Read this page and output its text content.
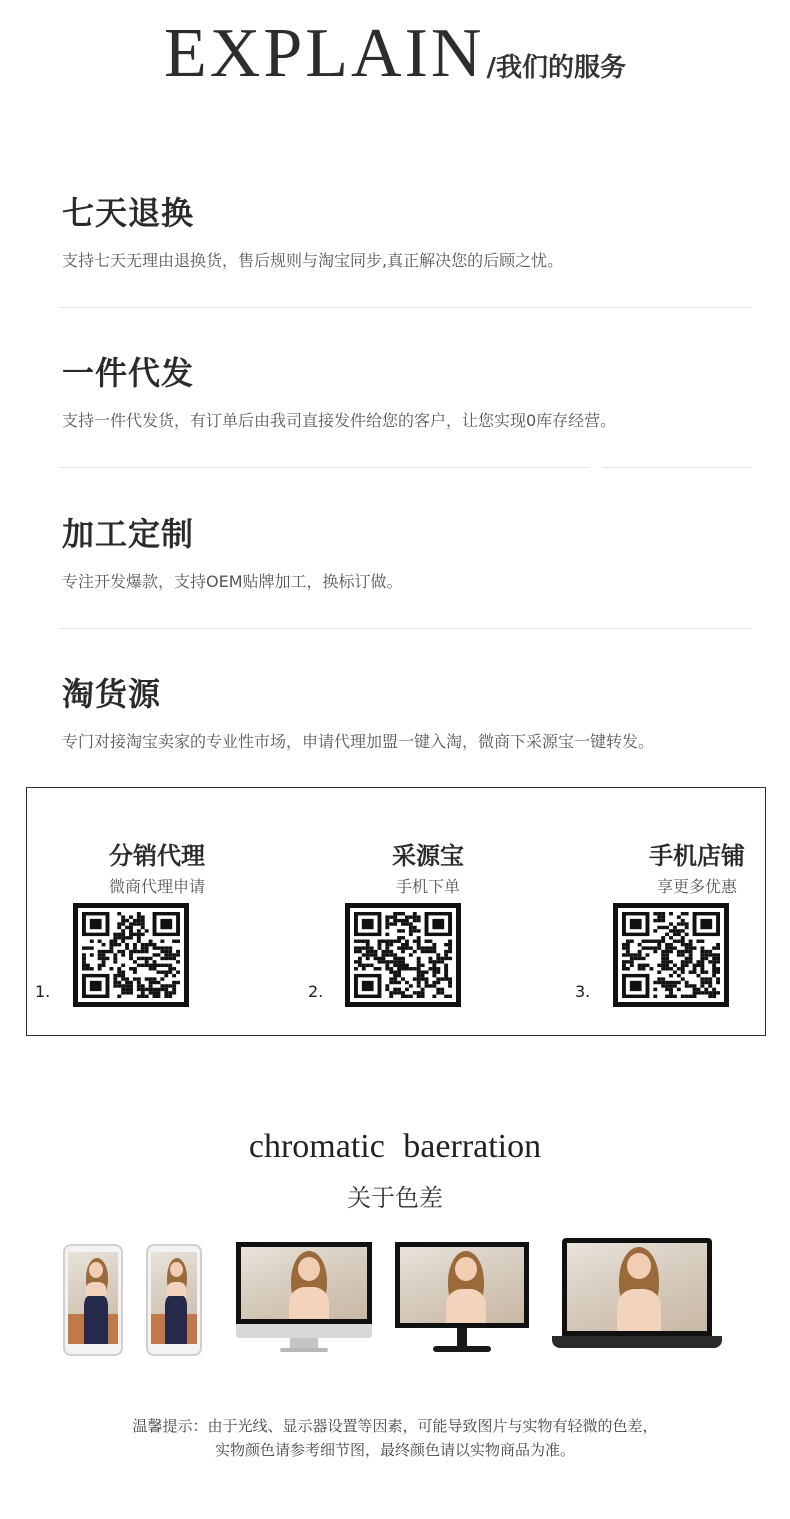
EXPLAIN/我们的服务
七天退换
支持七天无理由退换货，售后规则与淘宝同步,真正解决您的后顾之忧。
一件代发
支持一件代发货，有订单后由我司直接发件给您的客户，让您实现0库存经营。
加工定制
专注开发爆款，支持OEM贴牌加工，换标订做。
淘货源
专门对接淘宝卖家的专业性市场，申请代理加盟一键入淘，微商下采源宝一键转发。
分销代理
微商代理申请
1.
采源宝
手机下单
2.
手机店铺
享更多优惠
3.
chromatic baerration
关于色差
温馨提示：由于光线、显示器设置等因素，可能导致图片与实物有轻微的色差，
实物颜色请参考细节图，最终颜色请以实物商品为准。
